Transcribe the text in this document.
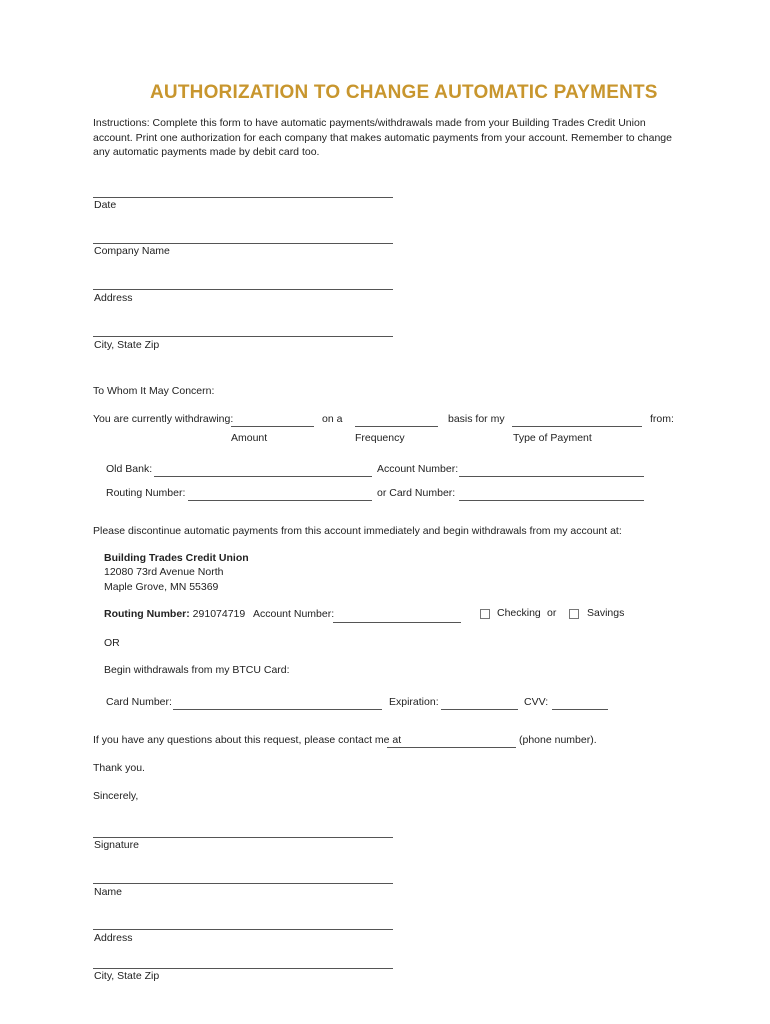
AUTHORIZATION TO CHANGE AUTOMATIC PAYMENTS
Instructions: Complete this form to have automatic payments/withdrawals made from your Building Trades Credit Union account. Print one authorization for each company that makes automatic payments from your account. Remember to change any automatic payments made by debit card too.
Date
Company Name
Address
City, State Zip
To Whom It May Concern:
You are currently withdrawing:	on a	basis for my	from:
Amount	Frequency	Type of Payment
Old Bank:	Account Number:
Routing Number:	or Card Number:
Please discontinue automatic payments from this account immediately and begin withdrawals from my account at:
Building Trades Credit Union
12080 73rd Avenue North
Maple Grove, MN 55369
Routing Number: 291074719 Account Number:	Checking or	Savings
OR
Begin withdrawals from my BTCU Card:
Card Number:	Expiration:	CVV:
If you have any questions about this request, please contact me at	(phone number).
Thank you.
Sincerely,
Signature
Name
Address
City, State Zip
